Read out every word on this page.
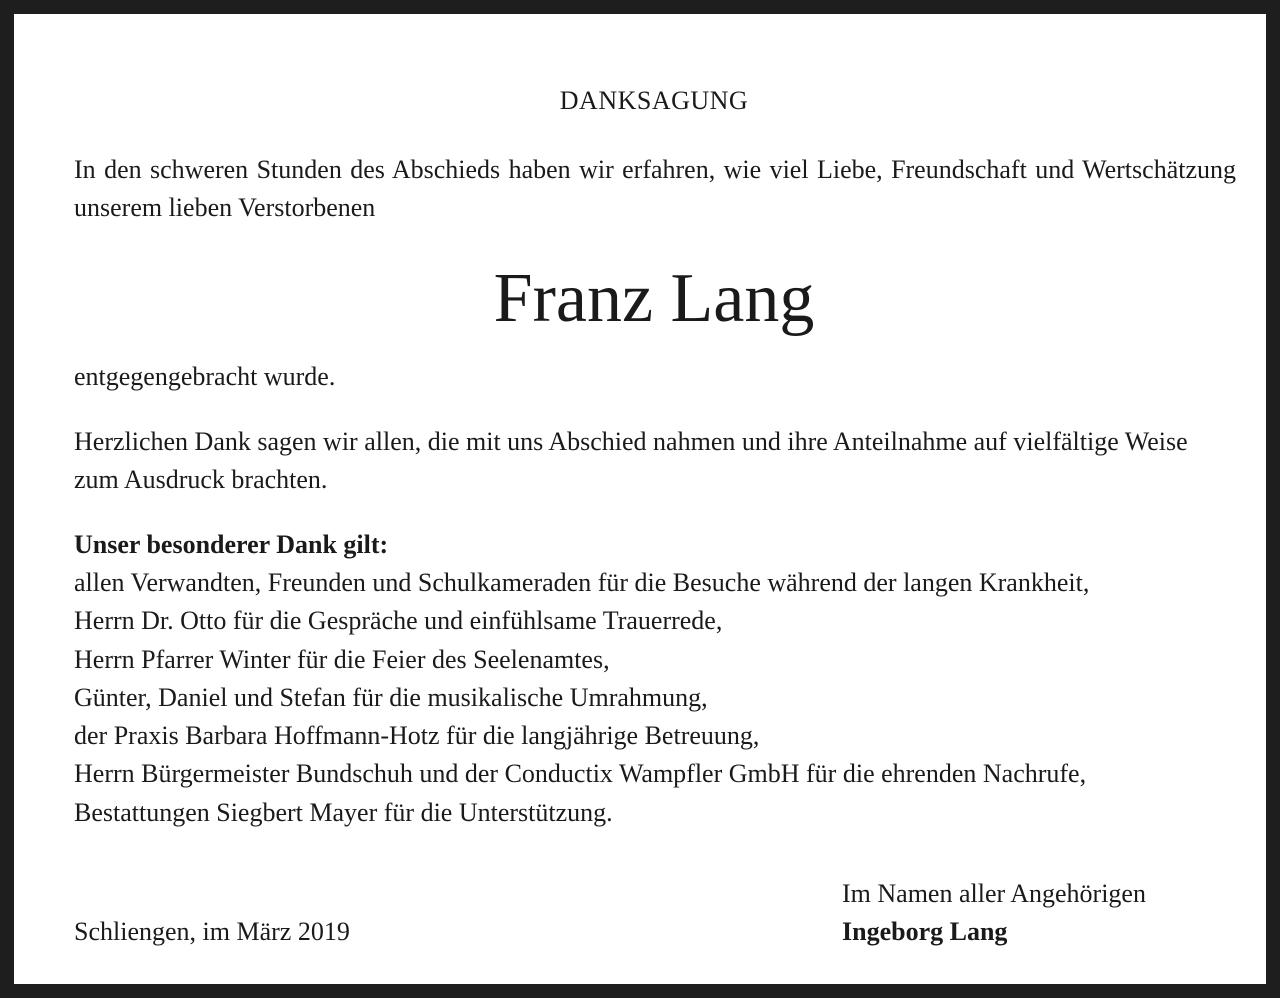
DANKSAGUNG
In den schweren Stunden des Abschieds haben wir erfahren, wie viel Liebe, Freundschaft und Wertschätzung unserem lieben Verstorbenen
Franz Lang
entgegengebracht wurde.
Herzlichen Dank sagen wir allen, die mit uns Abschied nahmen und ihre Anteilnahme auf vielfältige Weise zum Ausdruck brachten.
Unser besonderer Dank gilt:
allen Verwandten, Freunden und Schulkameraden für die Besuche während der langen Krankheit,
Herrn Dr. Otto für die Gespräche und einfühlsame Trauerrede,
Herrn Pfarrer Winter für die Feier des Seelenamtes,
Günter, Daniel und Stefan für die musikalische Umrahmung,
der Praxis Barbara Hoffmann-Hotz für die langjährige Betreuung,
Herrn Bürgermeister Bundschuh und der Conductix Wampfler GmbH für die ehrenden Nachrufe,
Bestattungen Siegbert Mayer für die Unterstützung.
Schliengen, im März 2019
Im Namen aller Angehörigen
Ingeborg Lang
